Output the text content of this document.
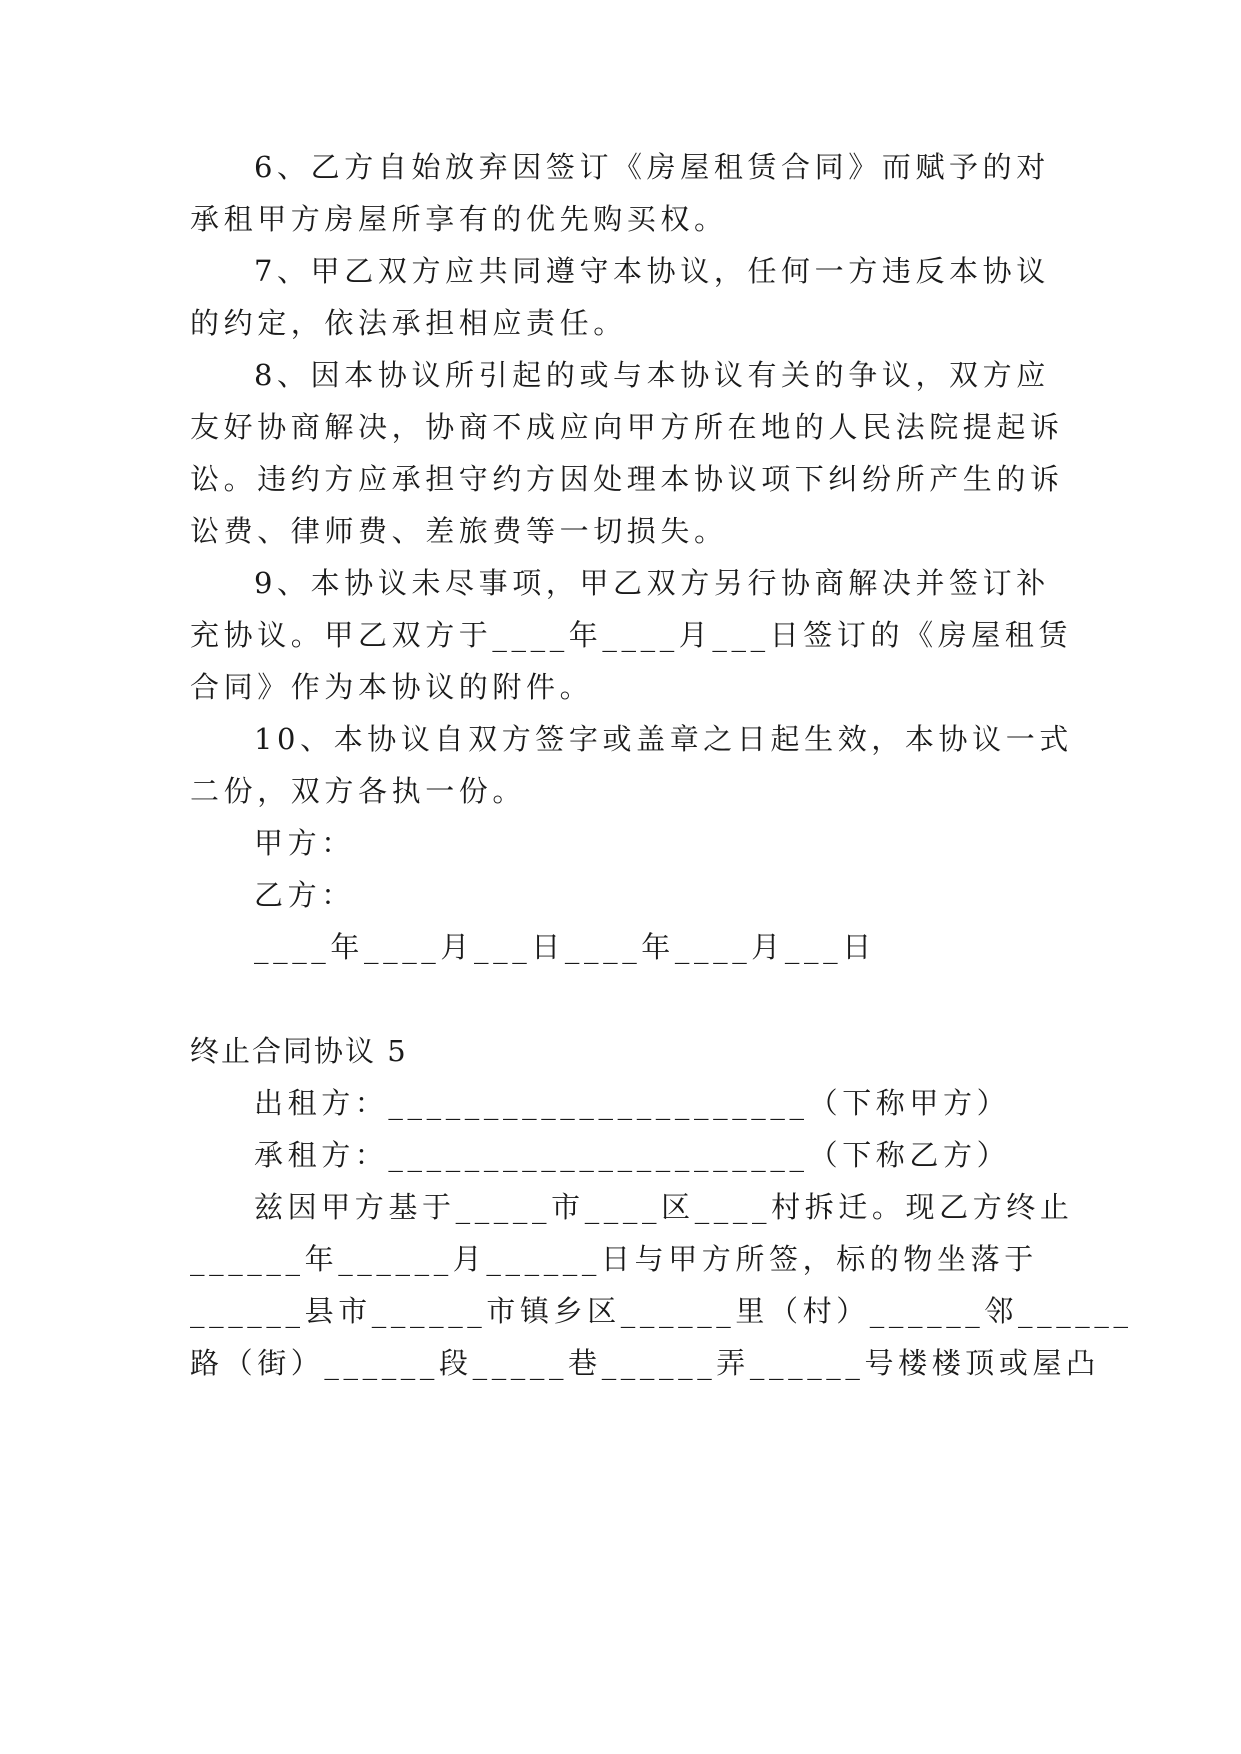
6、乙方自始放弃因签订《房屋租赁合同》而赋予的对
承租甲方房屋所享有的优先购买权。
7、甲乙双方应共同遵守本协议，任何一方违反本协议
的约定，依法承担相应责任。
8、因本协议所引起的或与本协议有关的争议，双方应
友好协商解决，协商不成应向甲方所在地的人民法院提起诉
讼。违约方应承担守约方因处理本协议项下纠纷所产生的诉
讼费、律师费、差旅费等一切损失。
9、本协议未尽事项，甲乙双方另行协商解决并签订补
充协议。甲乙双方于____年____月___日签订的《房屋租赁
合同》作为本协议的附件。
10、本协议自双方签字或盖章之日起生效，本协议一式
二份，双方各执一份。
甲方：
乙方：
____年____月___日____年____月___日
终止合同协议 5
出租方：______________________（下称甲方）
承租方：______________________（下称乙方）
兹因甲方基于_____市____区____村拆迁。现乙方终止
______年______月______日与甲方所签，标的物坐落于
______县市______市镇乡区______里（村）______邻______
路（街）______段_____巷______弄______号楼楼顶或屋凸
